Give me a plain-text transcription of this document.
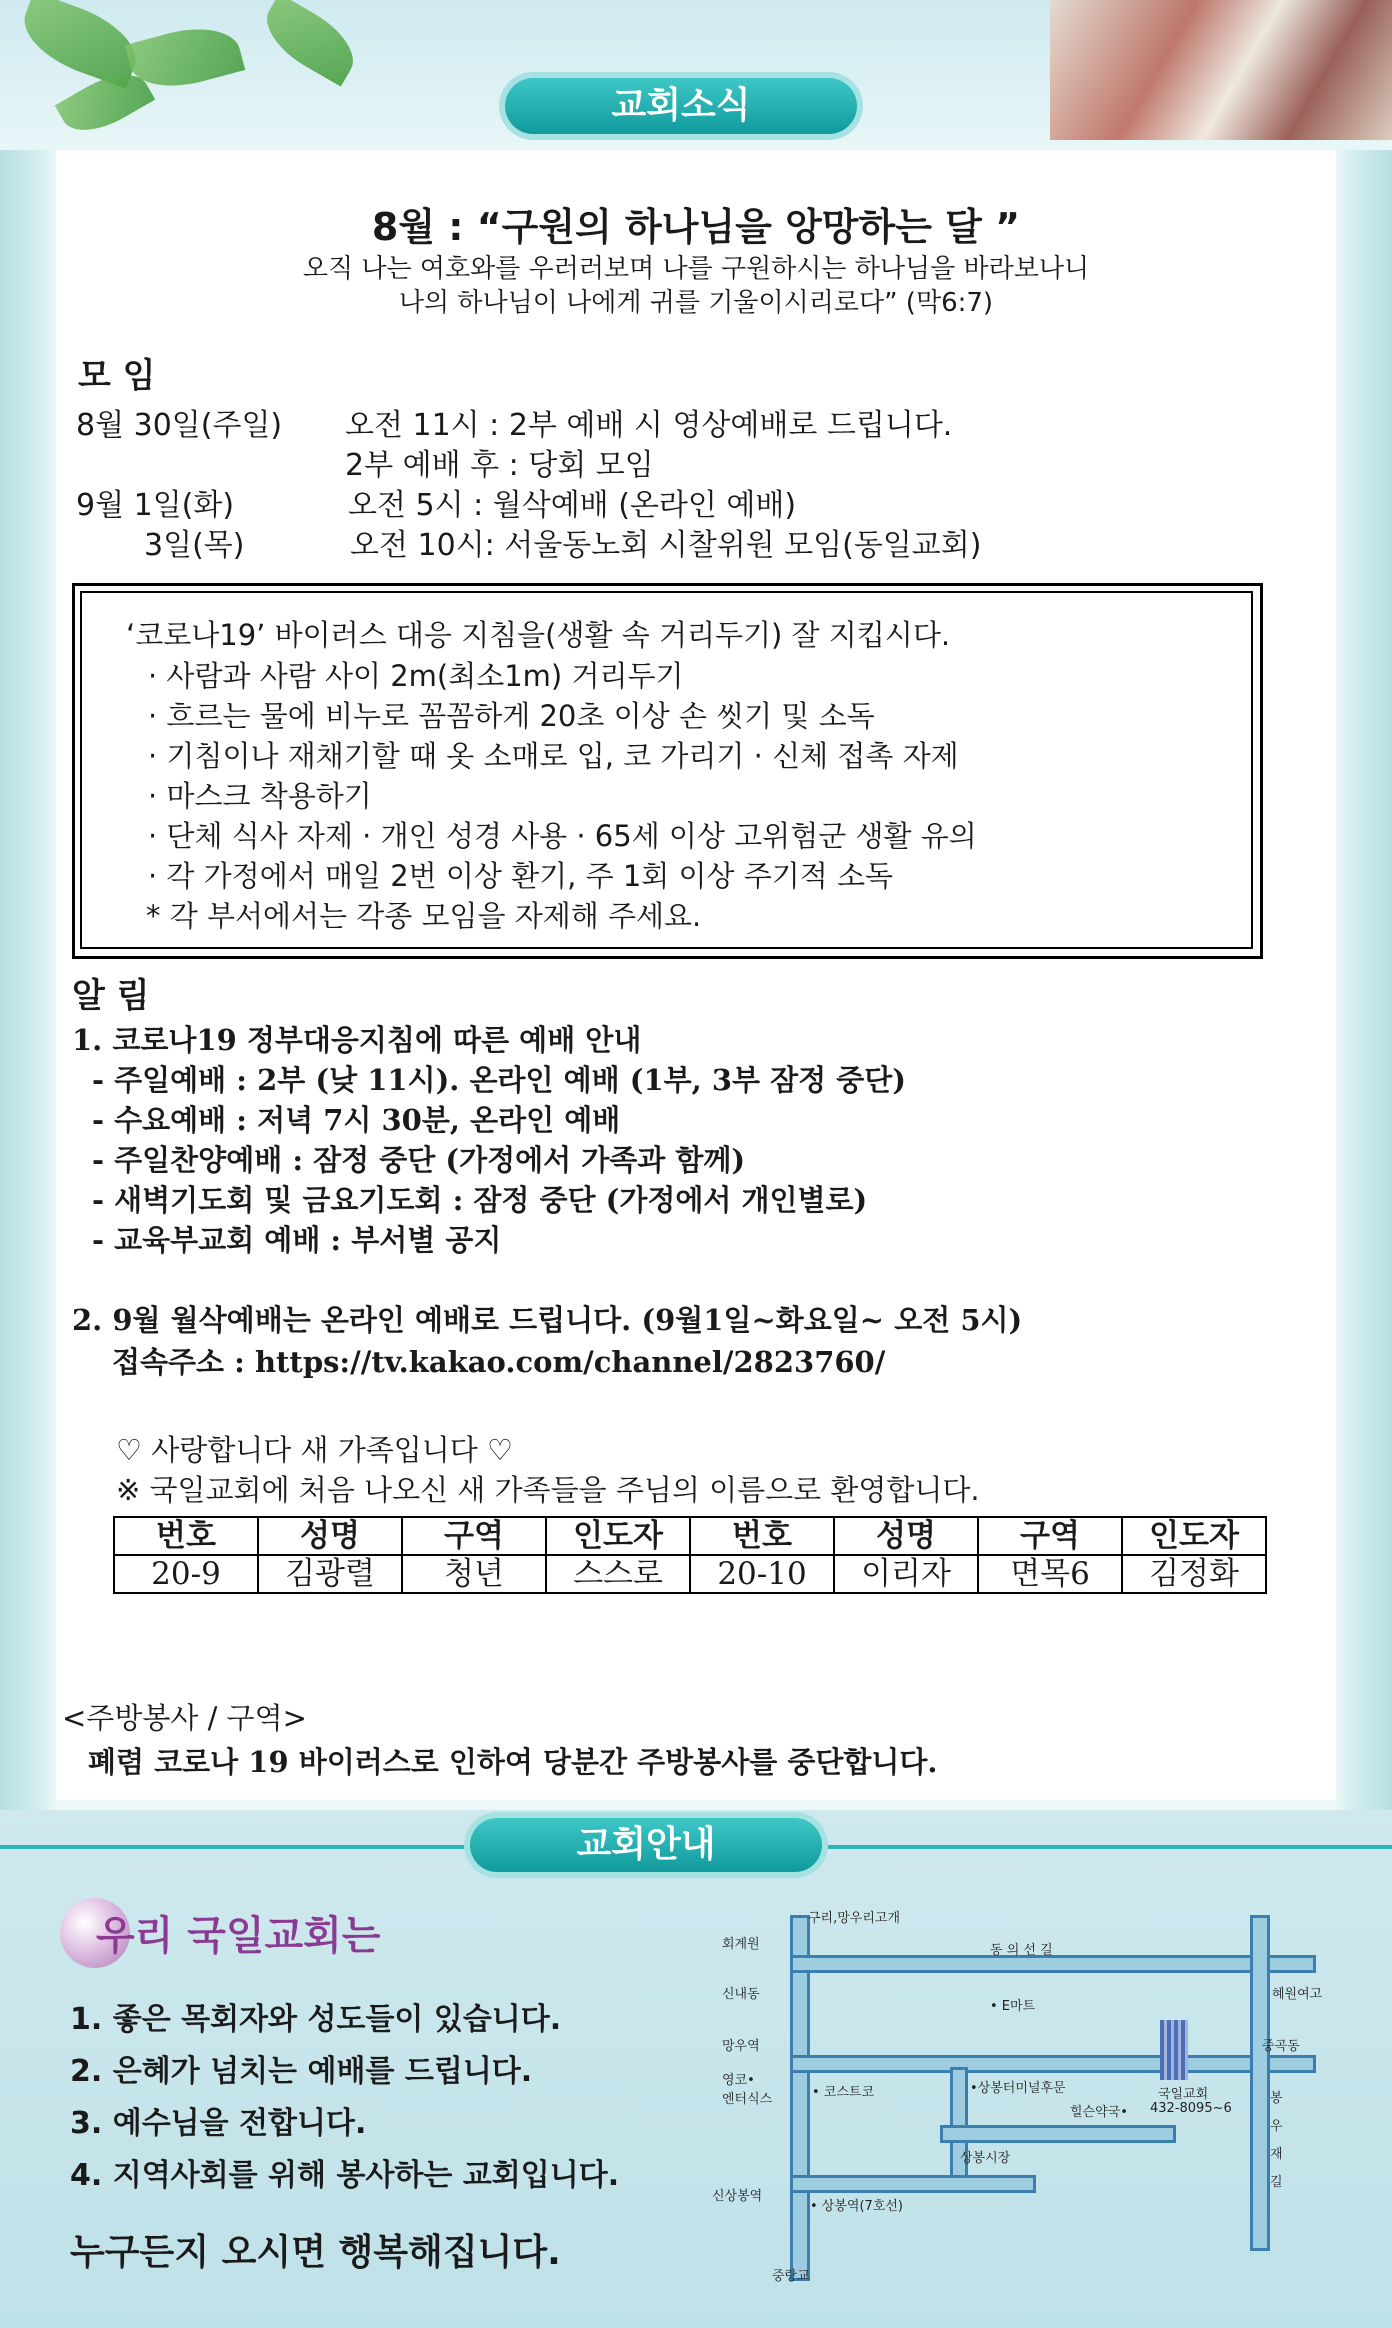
교회소식
8월 : “구원의 하나님을 앙망하는 달 ”
오직 나는 여호와를 우러러보며 나를 구원하시는 하나님을 바라보나니
나의 하나님이 나에게 귀를 기울이시리로다” (막6:7)
모 임
8월 30일(주일) 오전 11시 : 2부 예배 시 영상예배로 드립니다.
2부 예배 후 : 당회 모임
9월 1일(화)	오전 5시 : 월삭예배 (온라인 예배)
3일(목)	오전 10시: 서울동노회 시찰위원 모임(동일교회)
‘코로나19’ 바이러스 대응 지침을(생활 속 거리두기) 잘 지킵시다.
· 사람과 사람 사이 2m(최소1m) 거리두기
· 흐르는 물에 비누로 꼼꼼하게 20초 이상 손 씻기 및 소독
· 기침이나 재채기할 때 옷 소매로 입, 코 가리기 · 신체 접촉 자제
· 마스크 착용하기
· 단체 식사 자제 · 개인 성경 사용 · 65세 이상 고위험군 생활 유의
· 각 가정에서 매일 2번 이상 환기, 주 1회 이상 주기적 소독
* 각 부서에서는 각종 모임을 자제해 주세요.
알 림
1. 코로나19 정부대응지침에 따른 예배 안내
- 주일예배 : 2부 (낮 11시). 온라인 예배 (1부, 3부 잠정 중단)
- 수요예배 : 저녁 7시 30분, 온라인 예배
- 주일찬양예배 : 잠정 중단 (가정에서 가족과 함께)
- 새벽기도회 및 금요기도회 : 잠정 중단 (가정에서 개인별로)
- 교육부교회 예배 : 부서별 공지
2. 9월 월삭예배는 온라인 예배로 드립니다. (9월1일~화요일~ 오전 5시)
접속주소 : https://tv.kakao.com/channel/2823760/
♡ 사랑합니다 새 가족입니다 ♡
※ 국일교회에 처음 나오신 새 가족들을 주님의 이름으로 환영합니다.
번호	성명	구역	인도자	번호	성명	구역	인도자
20-9	김광렬	청년	스스로	20-10	이리자	면목6	김정화
<주방봉사 / 구역>
폐렴 코로나 19 바이러스로 인하여 당분간 주방봉사를 중단합니다.
교회안내
우리 국일교회는
1. 좋은 목회자와 성도들이 있습니다.
2. 은혜가 넘치는 예배를 드립니다.
3. 예수님을 전합니다.
4. 지역사회를 위해 봉사하는 교회입니다.
누구든지 오시면 행복해집니다.
구리,망우리고개
회계원	동 의 선 길
신내동
• E마트
혜원여고
망우역	중곡동
영코•
엔터식스	• 코스트코	•상봉터미널후문	국일교회
432-8095~6
봉
우
재
길
힐슨약국•
상봉시장
신상봉역
• 상봉역(7호선)
중랑교
